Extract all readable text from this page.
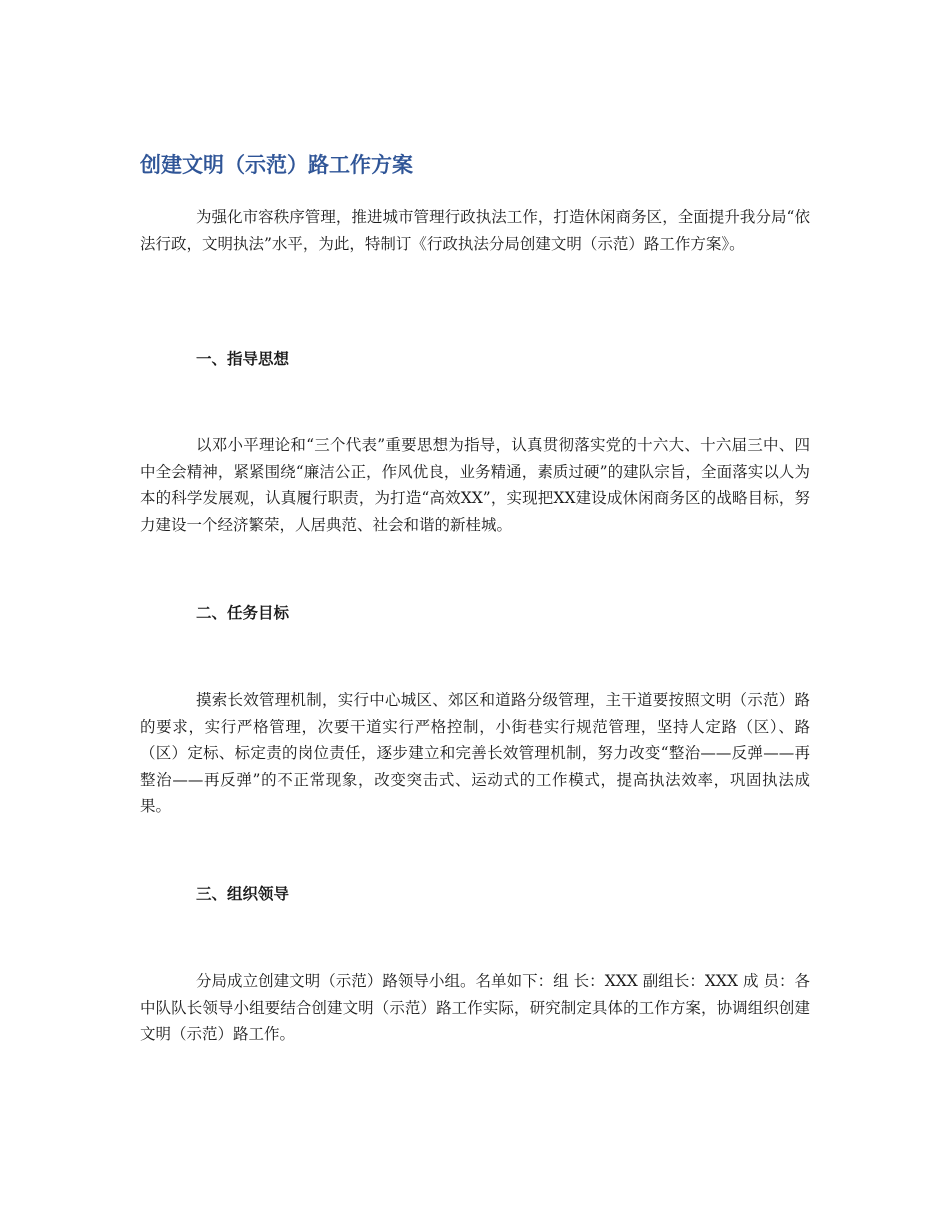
创建文明（示范）路工作方案

为强化市容秩序管理，推进城市管理行政执法工作，打造休闲商务区，全面提升我分局“依法行政，文明执法”水平，为此，特制订《行政执法分局创建文明（示范）路工作方案》。

一、指导思想

以邓小平理论和“三个代表”重要思想为指导，认真贯彻落实党的十六大、十六届三中、四中全会精神，紧紧围绕“廉洁公正，作风优良，业务精通，素质过硬”的建队宗旨，全面落实以人为本的科学发展观，认真履行职责，为打造“高效XX”，实现把XX建设成休闲商务区的战略目标，努力建设一个经济繁荣，人居典范、社会和谐的新桂城。

二、任务目标

摸索长效管理机制，实行中心城区、郊区和道路分级管理，主干道要按照文明（示范）路的要求，实行严格管理，次要干道实行严格控制，小街巷实行规范管理，坚持人定路（区）、路（区）定标、标定责的岗位责任，逐步建立和完善长效管理机制，努力改变“整治——反弹——再整治——再反弹”的不正常现象，改变突击式、运动式的工作模式，提高执法效率，巩固执法成果。

三、组织领导

分局成立创建文明（示范）路领导小组。名单如下：组 长：XXX 副组长：XXX 成 员：各中队队长领导小组要结合创建文明（示范）路工作实际，研究制定具体的工作方案，协调组织创建文明（示范）路工作。
